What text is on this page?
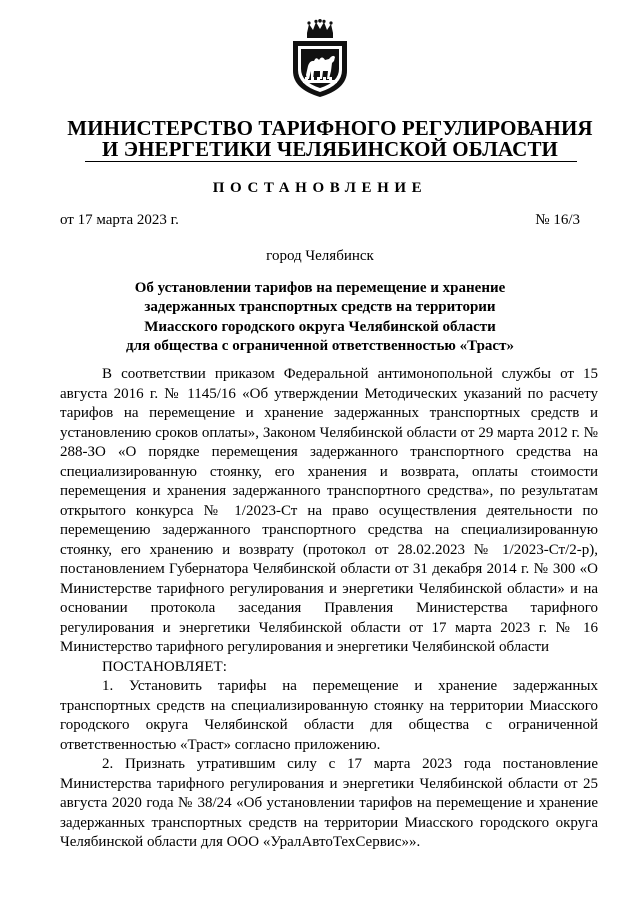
МИНИСТЕРСТВО ТАРИФНОГО РЕГУЛИРОВАНИЯ
И ЭНЕРГЕТИКИ ЧЕЛЯБИНСКОЙ ОБЛАСТИ
ПОСТАНОВЛЕНИЕ
от 17 марта 2023 г.	№ 16/3
город Челябинск
Об установлении тарифов на перемещение и хранение
задержанных транспортных средств на территории
Миасского городского округа Челябинской области
для общества с ограниченной ответственностью «Траст»

В соответствии приказом Федеральной антимонопольной службы от 15 августа 2016 г. № 1145/16 «Об утверждении Методических указаний по расчету тарифов на перемещение и хранение задержанных транспортных средств и установлению сроков оплаты», Законом Челябинской области от 29 марта 2012 г. № 288-ЗО «О порядке перемещения задержанного транспортного средства на специализированную стоянку, его хранения и возврата, оплаты стоимости перемещения и хранения задержанного транспортного средства», по результатам открытого конкурса № 1/2023-Ст на право осуществления деятельности по перемещению задержанного транспортного средства на специализированную стоянку, его хранению и возврату (протокол от 28.02.2023 № 1/2023-Ст/2-р), постановлением Губернатора Челябинской области от 31 декабря 2014 г. № 300 «О Министерстве тарифного регулирования и энергетики Челябинской области» и на основании протокола заседания Правления Министерства тарифного регулирования и энергетики Челябинской области от 17 марта 2023 г. № 16 Министерство тарифного регулирования и энергетики Челябинской области

ПОСТАНОВЛЯЕТ:

1. Установить тарифы на перемещение и хранение задержанных транспортных средств на специализированную стоянку на территории Миасского городского округа Челябинской области для общества с ограниченной ответственностью «Траст» согласно приложению.

2. Признать утратившим силу с 17 марта 2023 года постановление Министерства тарифного регулирования и энергетики Челябинской области от 25 августа 2020 года № 38/24 «Об установлении тарифов на перемещение и хранение задержанных транспортных средств на территории Миасского городского округа Челябинской области для ООО «УралАвтоТехСервис»».
